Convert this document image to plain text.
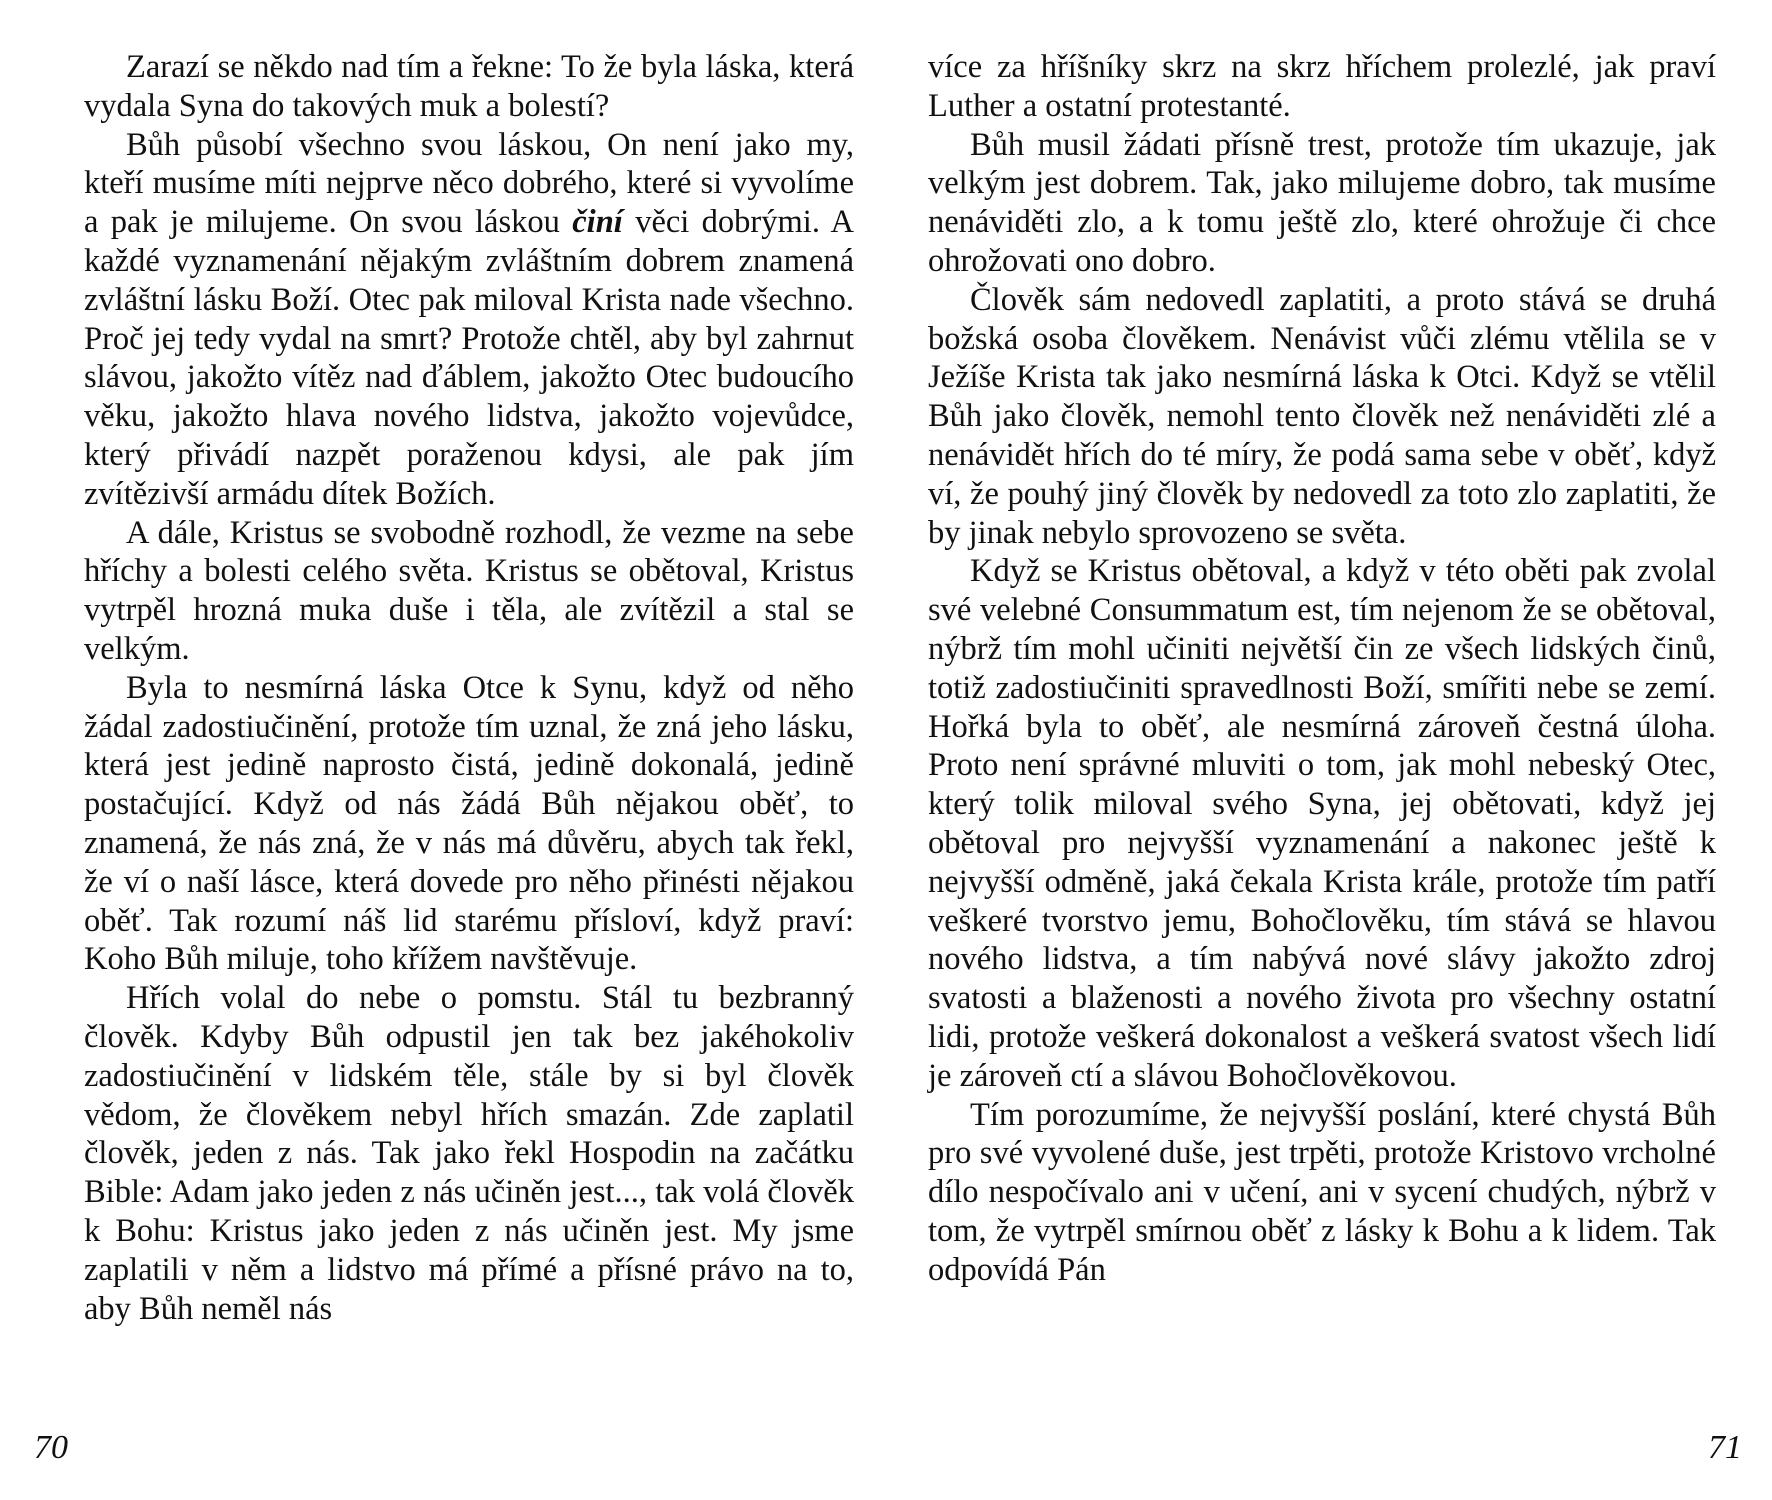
Zarazí se někdo nad tím a řekne: To že byla láska, která vydala Syna do takových muk a bolestí?

Bůh působí všechno svou láskou, On není jako my, kteří musíme míti nejprve něco dobrého, které si vyvolíme a pak je milujeme. On svou láskou činí věci dobrými. A každé vyznamenání nějakým zvláštním dobrem znamená zvláštní lásku Boží. Otec pak miloval Krista nade všechno. Proč jej tedy vydal na smrt? Protože chtěl, aby byl zahrnut slávou, jakožto vítěz nad ďáblem, jakožto Otec budoucího věku, jakožto hlava nového lidstva, jakožto vojevůdce, který přivádí nazpět poraženou kdysi, ale pak jím zvítězivší armádu dítek Božích.

A dále, Kristus se svobodně rozhodl, že vezme na sebe hříchy a bolesti celého světa. Kristus se obětoval, Kristus vytrpěl hrozná muka duše i těla, ale zvítězil a stal se velkým.

Byla to nesmírná láska Otce k Synu, když od něho žádal zadostiučinění, protože tím uznal, že zná jeho lásku, která jest jedině naprosto čistá, jedině dokonalá, jedině postačující. Když od nás žádá Bůh nějakou oběť, to znamená, že nás zná, že v nás má důvěru, abych tak řekl, že ví o naší lásce, která dovede pro něho přinésti nějakou oběť. Tak rozumí náš lid starému přísloví, když praví: Koho Bůh miluje, toho křížem navštěvuje.

Hřích volal do nebe o pomstu. Stál tu bezbranný člověk. Kdyby Bůh odpustil jen tak bez jakéhokoliv zadostiučinění v lidském těle, stále by si byl člověk vědom, že člověkem nebyl hřích smazán. Zde zaplatil člověk, jeden z nás. Tak jako řekl Hospodin na začátku Bible: Adam jako jeden z nás učiněn jest..., tak volá člověk k Bohu: Kristus jako jeden z nás učiněn jest. My jsme zaplatili v něm a lidstvo má přímé a přísné právo na to, aby Bůh neměl nás

70

více za hříšníky skrz na skrz hříchem prolezlé, jak praví Luther a ostatní protestanté.

Bůh musil žádati přísně trest, protože tím ukazuje, jak velkým jest dobrem. Tak, jako milujeme dobro, tak musíme nenáviděti zlo, a k tomu ještě zlo, které ohrožuje či chce ohrožovati ono dobro.

Člověk sám nedovedl zaplatiti, a proto stává se druhá božská osoba člověkem. Nenávist vůči zlému vtělila se v Ježíše Krista tak jako nesmírná láska k Otci. Když se vtělil Bůh jako člověk, nemohl tento člověk než nenáviděti zlé a nenávidět hřích do té míry, že podá sama sebe v oběť, když ví, že pouhý jiný člověk by nedovedl za toto zlo zaplatiti, že by jinak nebylo sprovozeno se světa.

Když se Kristus obětoval, a když v této oběti pak zvolal své velebné Consummatum est, tím nejenom že se obětoval, nýbrž tím mohl učiniti největší čin ze všech lidských činů, totiž zadostiučiniti spravedlnosti Boží, smířiti nebe se zemí. Hořká byla to oběť, ale nesmírná zároveň čestná úloha. Proto není správné mluviti o tom, jak mohl nebeský Otec, který tolik miloval svého Syna, jej obětovati, když jej obětoval pro nejvyšší vyznamenání a nakonec ještě k nejvyšší odměně, jaká čekala Krista krále, protože tím patří veškeré tvorstvo jemu, Bohočlověku, tím stává se hlavou nového lidstva, a tím nabývá nové slávy jakožto zdroj svatosti a blaženosti a nového života pro všechny ostatní lidi, protože veškerá dokonalost a veškerá svatost všech lidí je zároveň ctí a slávou Bohočlověkovou.

Tím porozumíme, že nejvyšší poslání, které chystá Bůh pro své vyvolené duše, jest trpěti, protože Kristovo vrcholné dílo nespočívalo ani v učení, ani v sycení chudých, nýbrž v tom, že vytrpěl smírnou oběť z lásky k Bohu a k lidem. Tak odpovídá Pán

71
